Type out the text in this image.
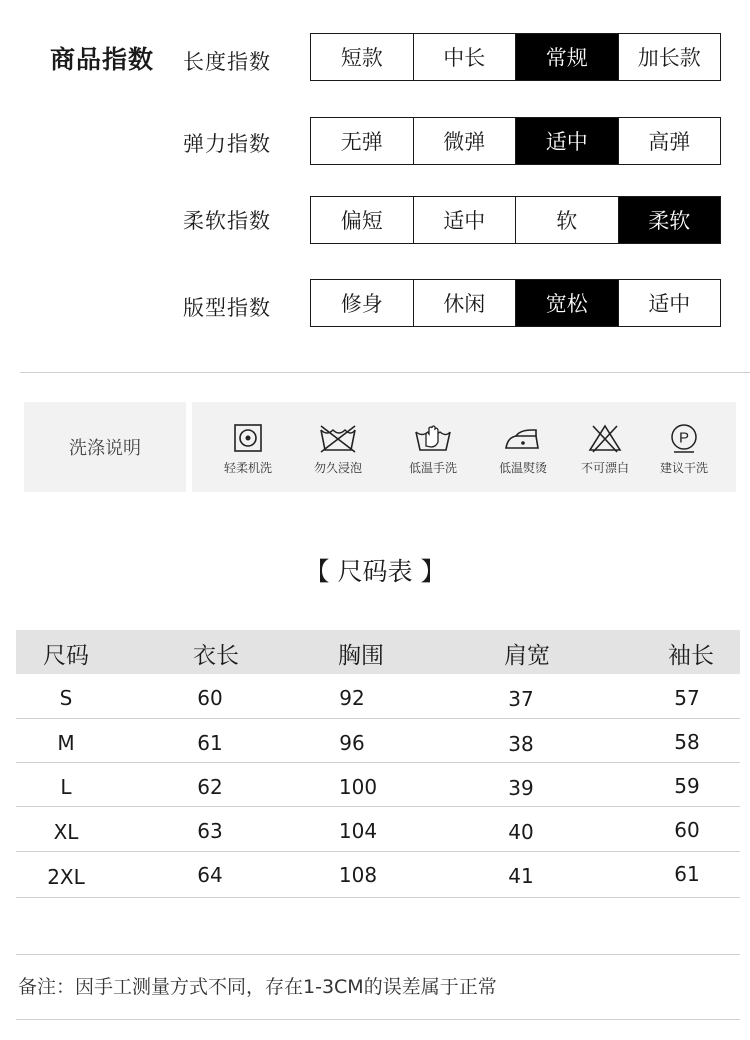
商品指数 长度指数	短款	中长	常规	加长款
弹力指数	无弹	微弹	适中	高弹
柔软指数	偏短	适中	软	柔软
版型指数	修身	休闲	宽松	适中
洗涤说明
轻柔机洗	勿久浸泡	低温手洗	低温熨烫	不可漂白
P
建议干洗
【 尺码表 】
尺码	衣长	胸围	肩宽	袖长
S	60	92	37	57
M	61	96	38	58
L	62	100	39	59
XL	63	104	40	60
2XL	64	108	41	61
备注：因手工测量方式不同，存在1-3CM的误差属于正常
